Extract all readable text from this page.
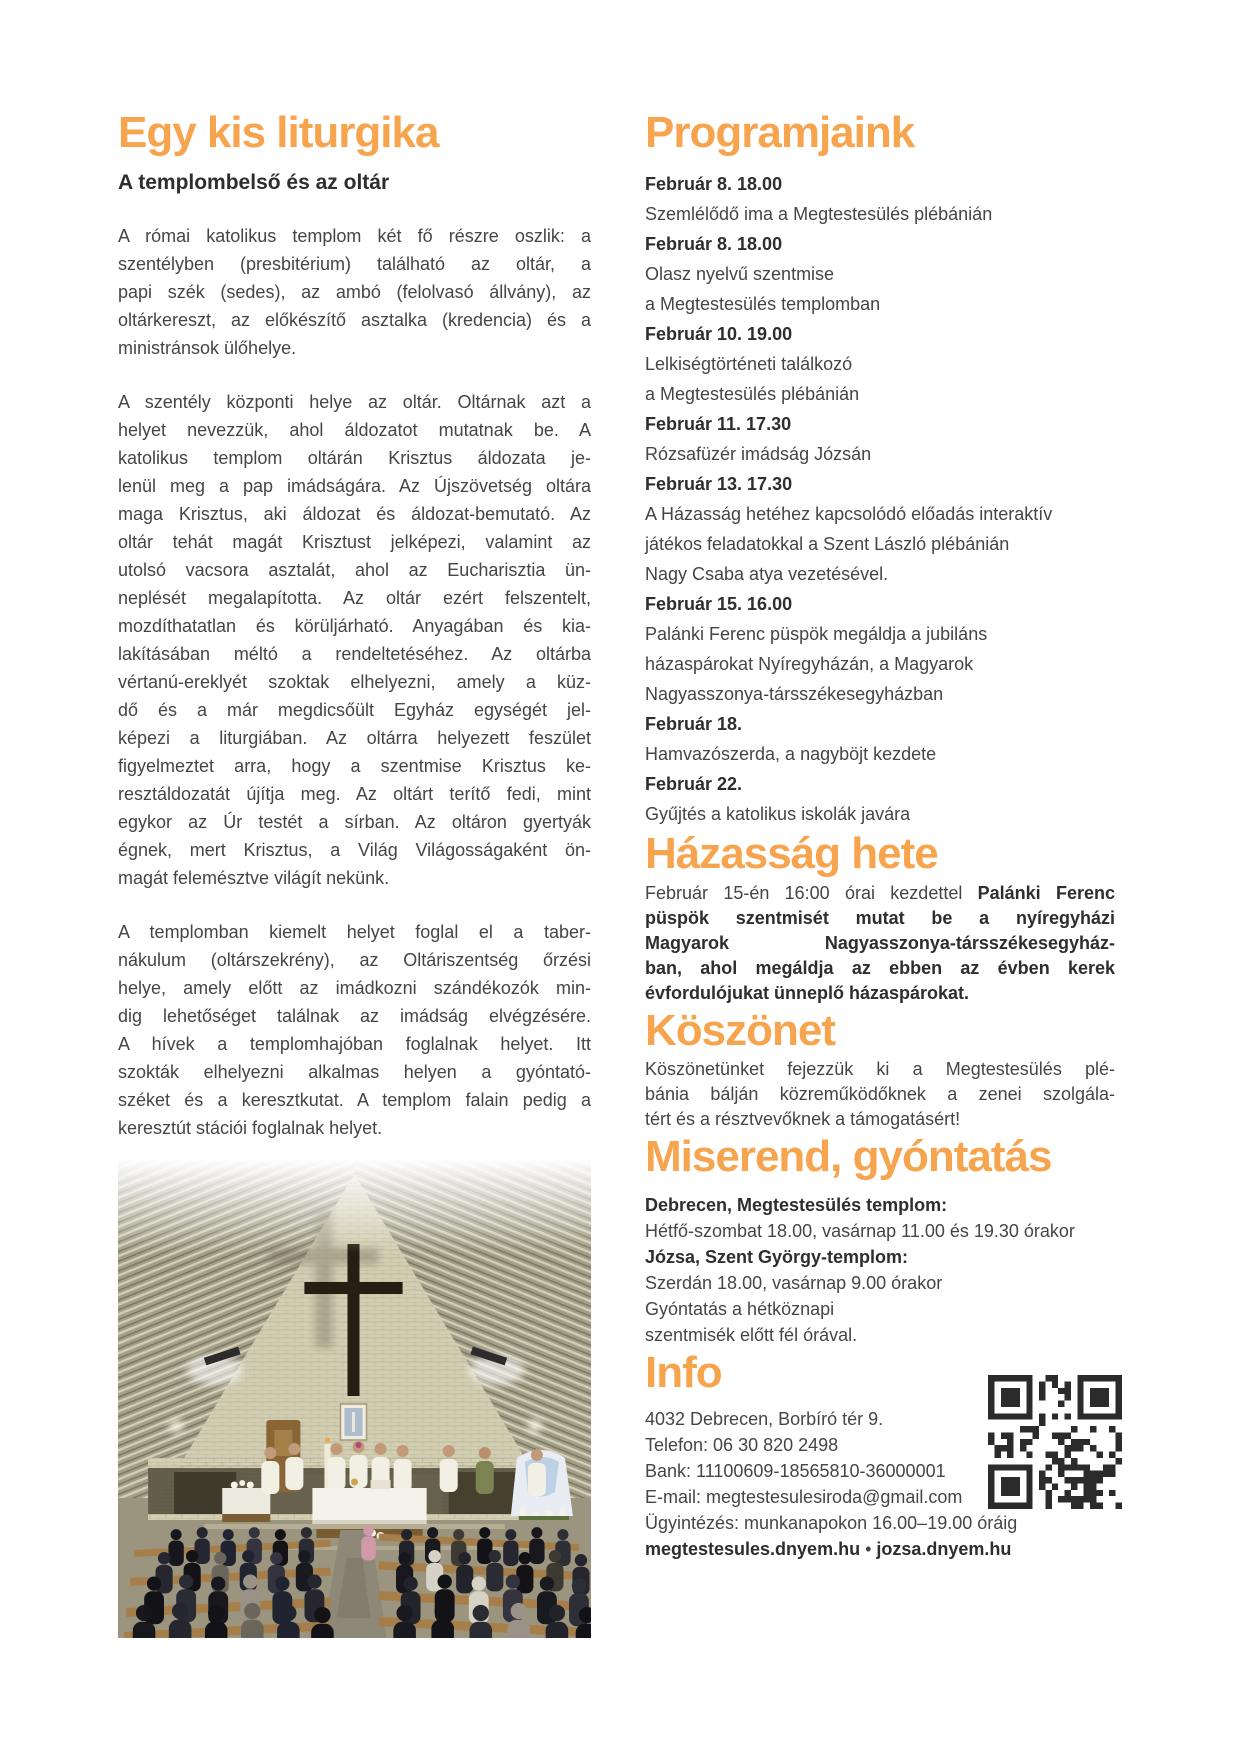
Egy kis liturgika
A templombelső és az oltár
A római katolikus templom két fő részre oszlik: a
szentélyben (presbitérium) található az oltár, a
papi szék (sedes), az ambó (felolvasó állvány), az
oltárkereszt, az előkészítő asztalka (kredencia) és a
ministránsok ülőhelye.
A szentély központi helye az oltár. Oltárnak azt a
helyet nevezzük, ahol áldozatot mutatnak be. A
katolikus templom oltárán Krisztus áldozata je-
lenül meg a pap imádságára. Az Újszövetség oltára
maga Krisztus, aki áldozat és áldozat-bemutató. Az
oltár tehát magát Krisztust jelképezi, valamint az
utolsó vacsora asztalát, ahol az Eucharisztia ün-
neplését megalapította. Az oltár ezért felszentelt,
mozdíthatatlan és körüljárható. Anyagában és kia-
lakításában méltó a rendeltetéséhez. Az oltárba
vértanú-ereklyét szoktak elhelyezni, amely a küz-
dő és a már megdicsőült Egyház egységét jel-
képezi a liturgiában. Az oltárra helyezett feszület
figyelmeztet arra, hogy a szentmise Krisztus ke-
resztáldozatát újítja meg. Az oltárt terítő fedi, mint
egykor az Úr testét a sírban. Az oltáron gyertyák
égnek, mert Krisztus, a Világ Világosságaként ön-
magát felemésztve világít nekünk.
A templomban kiemelt helyet foglal el a taber-
nákulum (oltárszekrény), az Oltáriszentség őrzési
helye, amely előtt az imádkozni szándékozók min-
dig lehetőséget találnak az imádság elvégzésére.
A hívek a templomhajóban foglalnak helyet. Itt
szokták elhelyezni alkalmas helyen a gyóntató-
széket és a keresztkutat. A templom falain pedig a
keresztút stációi foglalnak helyet.
Programjaink
Február 8. 18.00
Szemlélődő ima a Megtestesülés plébánián
Február 8. 18.00
Olasz nyelvű szentmise
a Megtestesülés templomban
Február 10. 19.00
Lelkiségtörténeti találkozó
a Megtestesülés plébánián
Február 11. 17.30
Rózsafüzér imádság Józsán
Február 13. 17.30
A Házasság hetéhez kapcsolódó előadás interaktív
játékos feladatokkal a Szent László plébánián
Nagy Csaba atya vezetésével.
Február 15. 16.00
Palánki Ferenc püspök megáldja a jubiláns
házaspárokat Nyíregyházán, a Magyarok
Nagyasszonya-társszékesegyházban
Február 18.
Hamvazószerda, a nagyböjt kezdete
Február 22.
Gyűjtés a katolikus iskolák javára
Házasság hete
Február 15-én 16:00 órai kezdettel Palánki Ferenc
püspök szentmisét mutat be a nyíregyházi
Magyarok Nagyasszonya-társszékesegyház-
ban, ahol megáldja az ebben az évben kerek
évfordulójukat ünneplő házaspárokat.
Köszönet
Köszönetünket fejezzük ki a Megtestesülés plé-
bánia bálján közreműködőknek a zenei szolgála-
tért és a résztvevőknek a támogatásért!
Miserend, gyóntatás
Debrecen, Megtestesülés templom:
Hétfő-szombat 18.00, vasárnap 11.00 és 19.30 órakor
Józsa, Szent György-templom:
Szerdán 18.00, vasárnap 9.00 órakor
Gyóntatás a hétköznapi
szentmisék előtt fél órával.
Info
4032 Debrecen, Borbíró tér 9.
Telefon: 06 30 820 2498
Bank: 11100609-18565810-36000001
E-mail: megtestesulesiroda@gmail.com
Ügyintézés: munkanapokon 16.00–19.00 óráig
megtestesules.dnyem.hu • jozsa.dnyem.hu
